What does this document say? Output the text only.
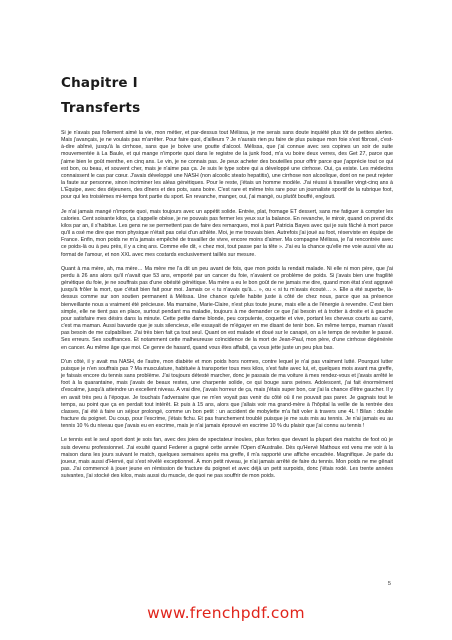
Chapitre I
Transferts

Si je n'avais pas follement aimé la vie, mon métier, et par-dessus tout Mélissa, je me serais sans doute inquiété plus tôt de petites alertes. Mais j'avançais, je ne voulais pas m'arrêter. Pour faire quoi, d'ailleurs ? Je n'aurais rien pu faire de plus puisque mon foie s'est fibrosé, c'est-à-dire abîmé, jusqu'à la cirrhose, sans que je boive une goutte d'alcool. Mélissa, que j'ai connue avec ses copines un soir de suite mouvementée à La Baule, et qui mange n'importe quoi dans le registre de la junk food, m'a vu boire deux verres, des Get 27, parce que j'aime bien le goût menthe, en cinq ans. Le vin, je ne connais pas. Je peux acheter des bouteilles pour offrir parce que j'apprécie tout ce qui est bon, ou beau, et souvent cher, mais je n'aime pas ça. Je suis le type sobre qui a développé une cirrhose. Oui, ça existe. Les médecins connaissent le cas par cœur. J'avais développé une NASH (non alcoolic steato hepatitis), une cirrhose non alcoolique, dont on ne peut rejeter la faute sur personne, sinon incriminer les aléas génétiques. Pour le reste, j'étais un homme modèle. J'ai réussi à travailler vingt-cinq ans à L'Équipe, avec des déjeuners, des dîners et des pots, sans boire. C'est rare et même très rare pour un journaliste sportif de la rubrique foot, pour qui les troisièmes mi-temps font partie du sport. En revanche, manger, oui, j'ai mangé, ou plutôt bouffé, englouti.

Je n'ai jamais mangé n'importe quoi, mais toujours avec un appétit solide. Entrée, plat, fromage ET dessert, sans me fatiguer à compter les calories. Cent soixante kilos, ça s'appelle obèse, je ne pouvais pas fermer les yeux sur la balance. En revanche, le miroir, quand on prend dix kilos par an, il s'habitue. Les gens ne se permettent pas de faire des remarques, moi à part Patricia Bayes avec qui je suis fâché à mort parce qu'il a osé me dire que mon physique n'était pas celui d'un athlète. Moi, je me trouvais bien. Autrefois j'ai joué au foot, réserviste en équipe de France. Enfin, mon poids ne m'a jamais empêché de travailler de vivre, encore moins d'aimer. Ma compagne Mélissa, je l'ai rencontrée avec ce poids-là ou à peu près, il y a cinq ans. Comme elle dit, « chez moi, tout passe par la tête ». J'ai eu la chance qu'elle me voie aussi vite au format de l'amour, et non XXL avec mes costards exclusivement taillés sur mesure.

Quant à ma mère, ah, ma mère… Ma mère me l'a dit un peu avant de fois, que mon poids la rendait malade. Ni elle ni mon père, que j'ai perdu à 26 ans alors qu'il n'avait que 53 ans, emporté par un cancer du foie, n'avaient ce problème de poids. Si j'avais bien une fragilité génétique du foie, je ne souffrais pas d'une obésité génétique. Ma mère a eu le bon goût de ne jamais me dire, quand mon état s'est aggravé jusqu'à frôler la mort, que c'était bien fait pour moi. Jamais ce « tu n'avais qu'à… », ou « si tu m'avais écouté… ». Elle a été superbe, là-dessus comme sur son soutien permanent à Mélissa. Une chance qu'elle habite juste à côté de chez nous, parce que sa présence bienveillante nous a vraiment été précieuse. Ma marraine, Marie-Claire, n'est plus toute jeune, mais elle a de l'énergie à revendre. C'est bien simple, elle ne tient pas en place, surtout pendant ma maladie, toujours à me demander ce que j'ai besoin et à trotter à droite et à gauche pour satisfaire mes désirs dans la minute. Cette petite dame blonde, peu corpulente, coquette et vive, portant les cheveux courts au carré, c'est ma maman. Aussi bavarde que je suis silencieux, elle essayait de m'égayer en me disant de tenir bon. En même temps, maman n'avait pas besoin de me culpabiliser. J'ai très bien fait ça tout seul. Quant on est malade et doué sur le canapé, on a le temps de revisiter le passé. Ses erreurs. Ses souffrances. Et notamment cette malheureuse coïncidence de la mort de Jean-Paul, mon père, d'une cirrhose dégénérée en cancer. Au même âge que moi. Ce genre de hasard, quand vous êtes affaibli, ça vous jette juste un peu plus bas.

D'un côté, il y avait ma NASH, de l'autre, mon diabète et mon poids hors normes, contre lequel je n'ai pas vraiment lutté. Pourquoi lutter puisque je n'en souffrais pas ? Ma musculature, habituée à transporter tous mes kilos, s'est faite avec lui, et, quelques mois avant ma greffe, je faisais encore du tennis sans problème. J'ai toujours détesté marcher, donc je passais de ma voiture à mes rendez-vous et j'avais arrêté le foot à la quarantaine, mais j'avais de beaux restes, une charpente solide, ce qui bouge sans peines. Adolescent, j'ai fait énormément d'escalme, jusqu'à atteindre un excellent niveau. A vrai dire, j'avais horreur de ça, mais j'étais super bon, car j'ai la chance d'être gaucher. Il y en avait très peu à l'époque. Je touchais l'adversaire que ne m'en voyait pas venir du côté où il ne pouvait pas parer. Je gagnais tout le temps, au point que ça en perdait tout intérêt. Et puis à 15 ans, alors que j'allais voir ma grand-mère à l'hôpital la veille de la rentrée des classes, j'ai été à faire un séjour prolongé, comme un bon petit : un accident de mobylette m'a fait voler à travers une 4L ! Bilan : double fracture du poignet. Du coup, pour l'escrime, j'étais fichu. Et pas franchement troublé puisque je me suis mis au tennis. Je n'ai jamais eu au tennis 10 % du niveau que j'avais eu en escrime, mais je n'ai jamais éprouvé en escrime 10 % du plaisir que j'ai connu au tennis !

Le tennis est le seul sport dont je sois fan, avec des joies de spectateur inouïes, plus fortes que devant la plupart des matchs de foot où je suis devenu professionnel. J'ai exulté quand Federer a gagné cette année l'Open d'Australie. Dès qu'Hervé Mathoux est venu me voir à la maison dans les jours suivant le match, quelques semaines après ma greffe, il m'a rapporté une affiche encadrée. Magnifique. Je parle du joueur, mais aussi d'Hervé, qui s'est révélé exceptionnel. À mon petit niveau, je n'ai jamais arrêté de faire du tennis. Mon poids ne me gênait pas. J'ai commencé à jouer jeune en rémission de fracture du poignet et avec déjà un petit surpoids, donc j'étais rodé. Les trente années suivantes, j'ai stocké des kilos, mais aussi du muscle, de quoi ne pas souffrir de mon poids.

5
www.frenchpdf.com
